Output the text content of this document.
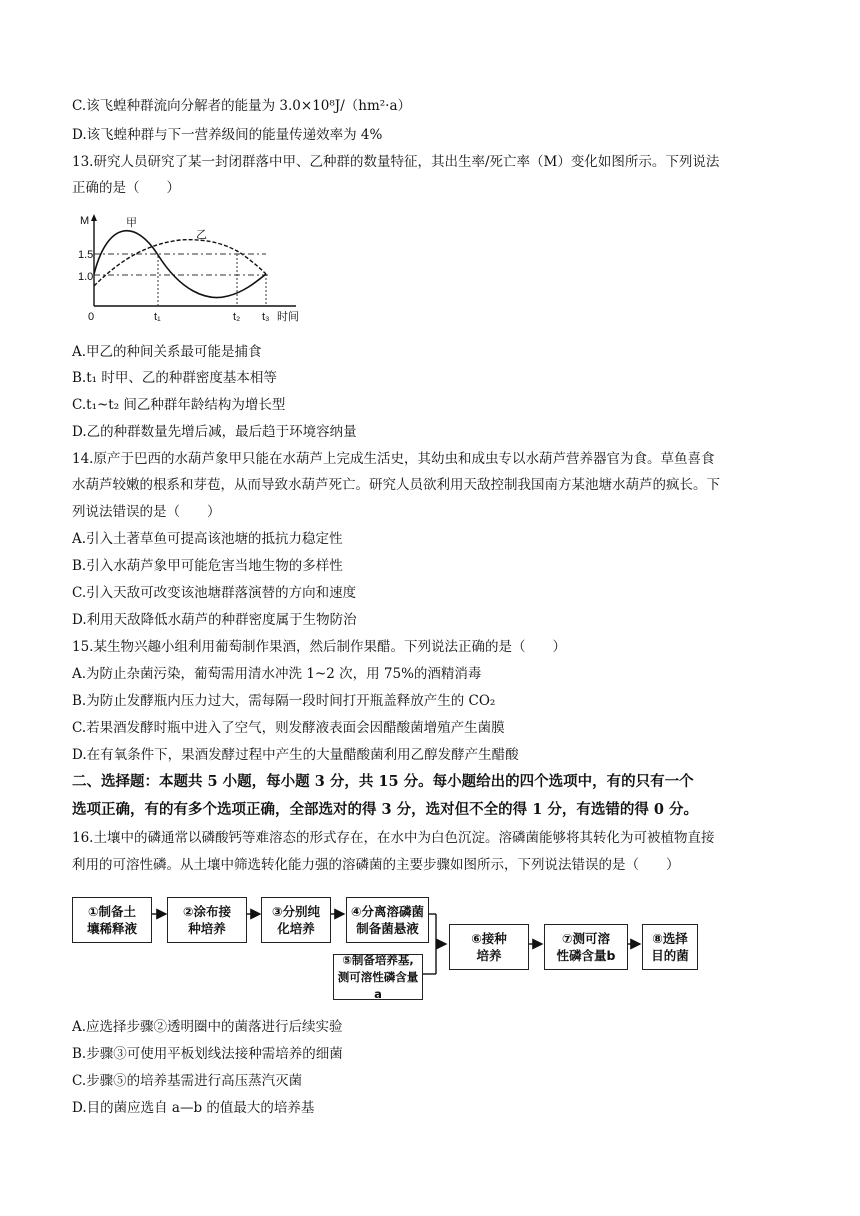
C.该飞蝗种群流向分解者的能量为 3.0×10⁸J/（hm²·a）
D.该飞蝗种群与下一营养级间的能量传递效率为 4%
13.研究人员研究了某一封闭群落中甲、乙种群的数量特征，其出生率/死亡率（M）变化如图所示。下列说法
正确的是（　　）
M
1.5
1.0
0
甲
乙
t₁	t₂ t₃ 时间
A.甲乙的种间关系最可能是捕食
B.t₁ 时甲、乙的种群密度基本相等
C.t₁~t₂ 间乙种群年龄结构为增长型
D.乙的种群数量先增后减，最后趋于环境容纳量
14.原产于巴西的水葫芦象甲只能在水葫芦上完成生活史，其幼虫和成虫专以水葫芦营养器官为食。草鱼喜食
水葫芦较嫩的根系和芽苞，从而导致水葫芦死亡。研究人员欲利用天敌控制我国南方某池塘水葫芦的疯长。下
列说法错误的是（　　）
A.引入土著草鱼可提高该池塘的抵抗力稳定性
B.引入水葫芦象甲可能危害当地生物的多样性
C.引入天敌可改变该池塘群落演替的方向和速度
D.利用天敌降低水葫芦的种群密度属于生物防治
15.某生物兴趣小组利用葡萄制作果酒，然后制作果醋。下列说法正确的是（　　）
A.为防止杂菌污染，葡萄需用清水冲洗 1~2 次，用 75%的酒精消毒
B.为防止发酵瓶内压力过大，需每隔一段时间打开瓶盖释放产生的 CO₂
C.若果酒发酵时瓶中进入了空气，则发酵液表面会因醋酸菌增殖产生菌膜
D.在有氧条件下，果酒发酵过程中产生的大量醋酸菌利用乙醇发酵产生醋酸
二、选择题：本题共 5 小题，每小题 3 分，共 15 分。每小题给出的四个选项中，有的只有一个
选项正确，有的有多个选项正确，全部选对的得 3 分，选对但不全的得 1 分，有选错的得 0 分。
16.土壤中的磷通常以磷酸钙等难溶态的形式存在，在水中为白色沉淀。溶磷菌能够将其转化为可被植物直接
利用的可溶性磷。从土壤中筛选转化能力强的溶磷菌的主要步骤如图所示，下列说法错误的是（　　）
①制备土
壤稀释液
②涂布接
种培养
③分别纯
化培养
④分离溶磷菌
制备菌悬液
⑤制备培养基,
测可溶性磷含量a
⑥接种
培养
⑦测可溶
性磷含量b
⑧选择
目的菌
A.应选择步骤②透明圈中的菌落进行后续实验
B.步骤③可使用平板划线法接种需培养的细菌
C.步骤⑤的培养基需进行高压蒸汽灭菌
D.目的菌应选自 a—b 的值最大的培养基
